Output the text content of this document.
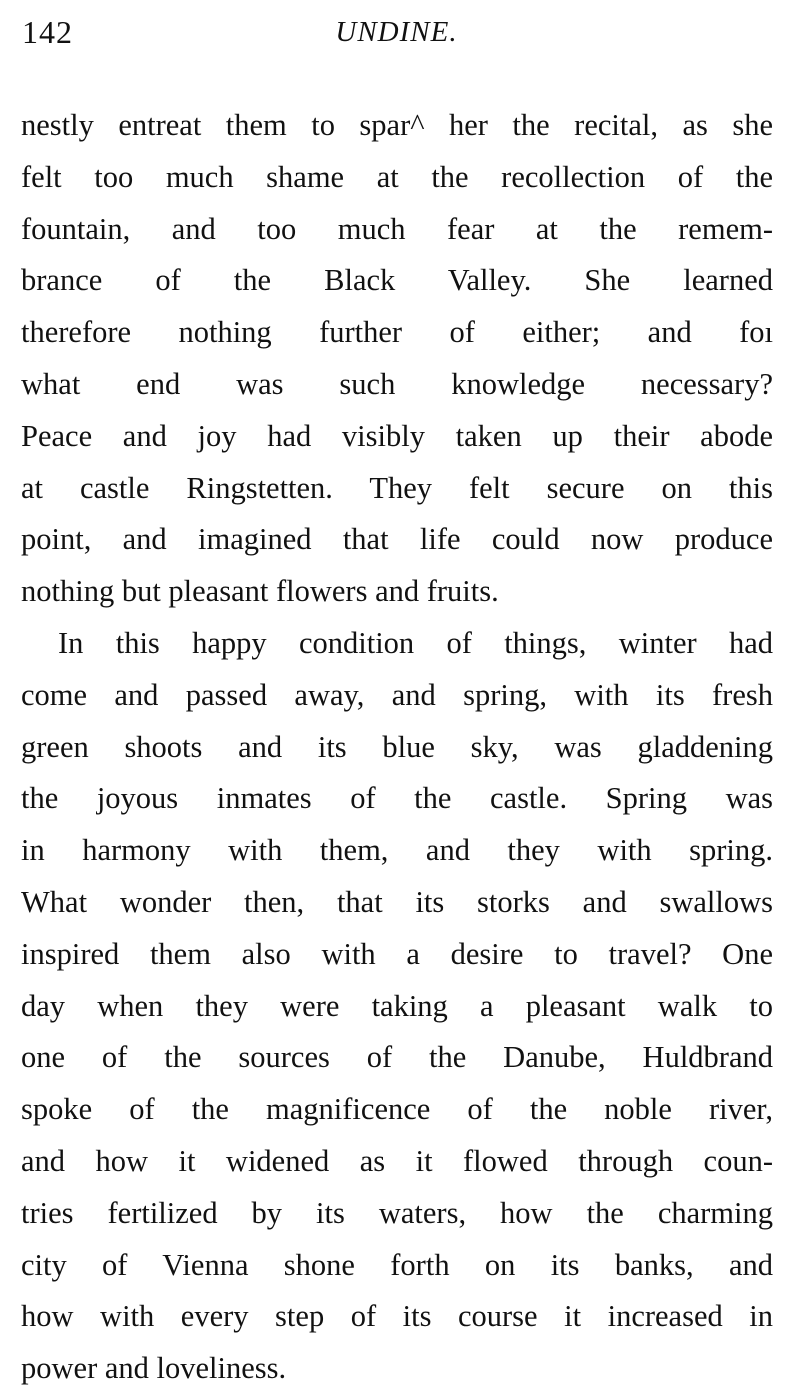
142	UNDINE.
nestly entreat them to spar^ her the recital, as she
felt too much shame at the recollection of the
fountain, and too much fear at the remem-
brance of the Black Valley. She learned
therefore nothing further of either; and foı
what end was such knowledge necessary?
Peace and joy had visibly taken up their abode
at castle Ringstetten. They felt secure on this
point, and imagined that life could now produce
nothing but pleasant flowers and fruits.
In this happy condition of things, winter had
come and passed away, and spring, with its fresh
green shoots and its blue sky, was gladdening
the joyous inmates of the castle. Spring was
in harmony with them, and they with spring.
What wonder then, that its storks and swallows
inspired them also with a desire to travel? One
day when they were taking a pleasant walk to
one of the sources of the Danube, Huldbrand
spoke of the magnificence of the noble river,
and how it widened as it flowed through coun-
tries fertilized by its waters, how the charming
city of Vienna shone forth on its banks, and
how with every step of its course it increased in
power and loveliness.
